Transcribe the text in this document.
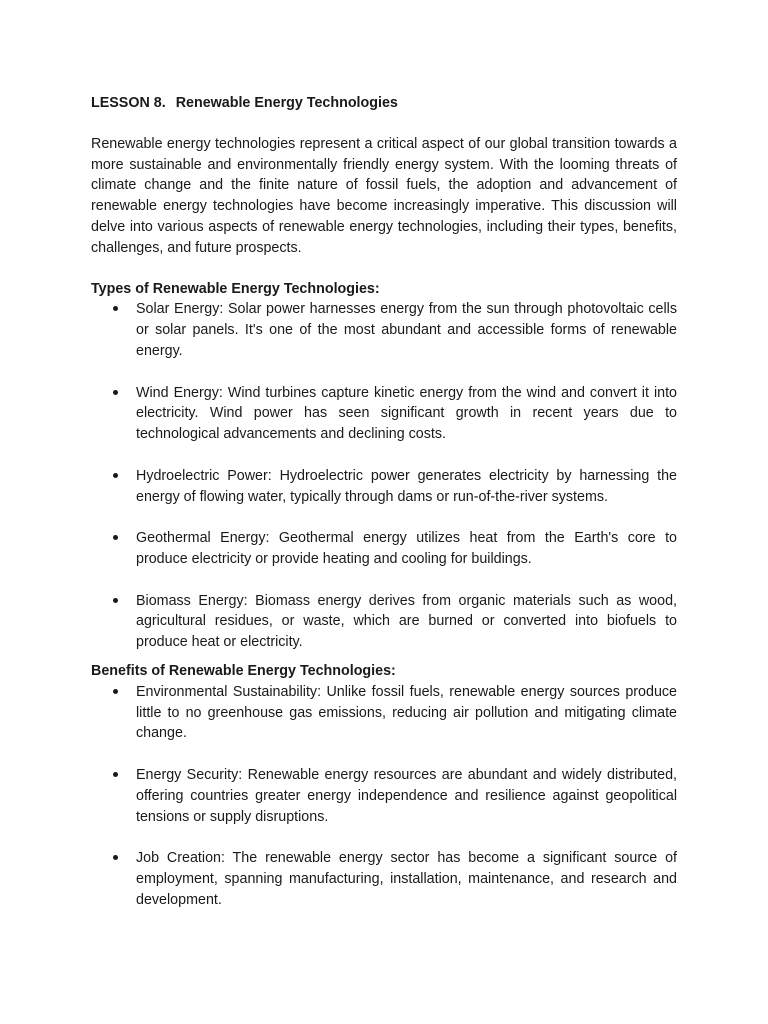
LESSON 8. Renewable Energy Technologies

Renewable energy technologies represent a critical aspect of our global transition towards a more sustainable and environmentally friendly energy system. With the looming threats of climate change and the finite nature of fossil fuels, the adoption and advancement of renewable energy technologies have become increasingly imperative. This discussion will delve into various aspects of renewable energy technologies, including their types, benefits, challenges, and future prospects.

Types of Renewable Energy Technologies:
Solar Energy: Solar power harnesses energy from the sun through photovoltaic cells or solar panels. It's one of the most abundant and accessible forms of renewable energy.
Wind Energy: Wind turbines capture kinetic energy from the wind and convert it into electricity. Wind power has seen significant growth in recent years due to technological advancements and declining costs.
Hydroelectric Power: Hydroelectric power generates electricity by harnessing the energy of flowing water, typically through dams or run-of-the-river systems.
Geothermal Energy: Geothermal energy utilizes heat from the Earth's core to produce electricity or provide heating and cooling for buildings.
Biomass Energy: Biomass energy derives from organic materials such as wood, agricultural residues, or waste, which are burned or converted into biofuels to produce heat or electricity.
Benefits of Renewable Energy Technologies:
Environmental Sustainability: Unlike fossil fuels, renewable energy sources produce little to no greenhouse gas emissions, reducing air pollution and mitigating climate change.
Energy Security: Renewable energy resources are abundant and widely distributed, offering countries greater energy independence and resilience against geopolitical tensions or supply disruptions.
Job Creation: The renewable energy sector has become a significant source of employment, spanning manufacturing, installation, maintenance, and research and development.
